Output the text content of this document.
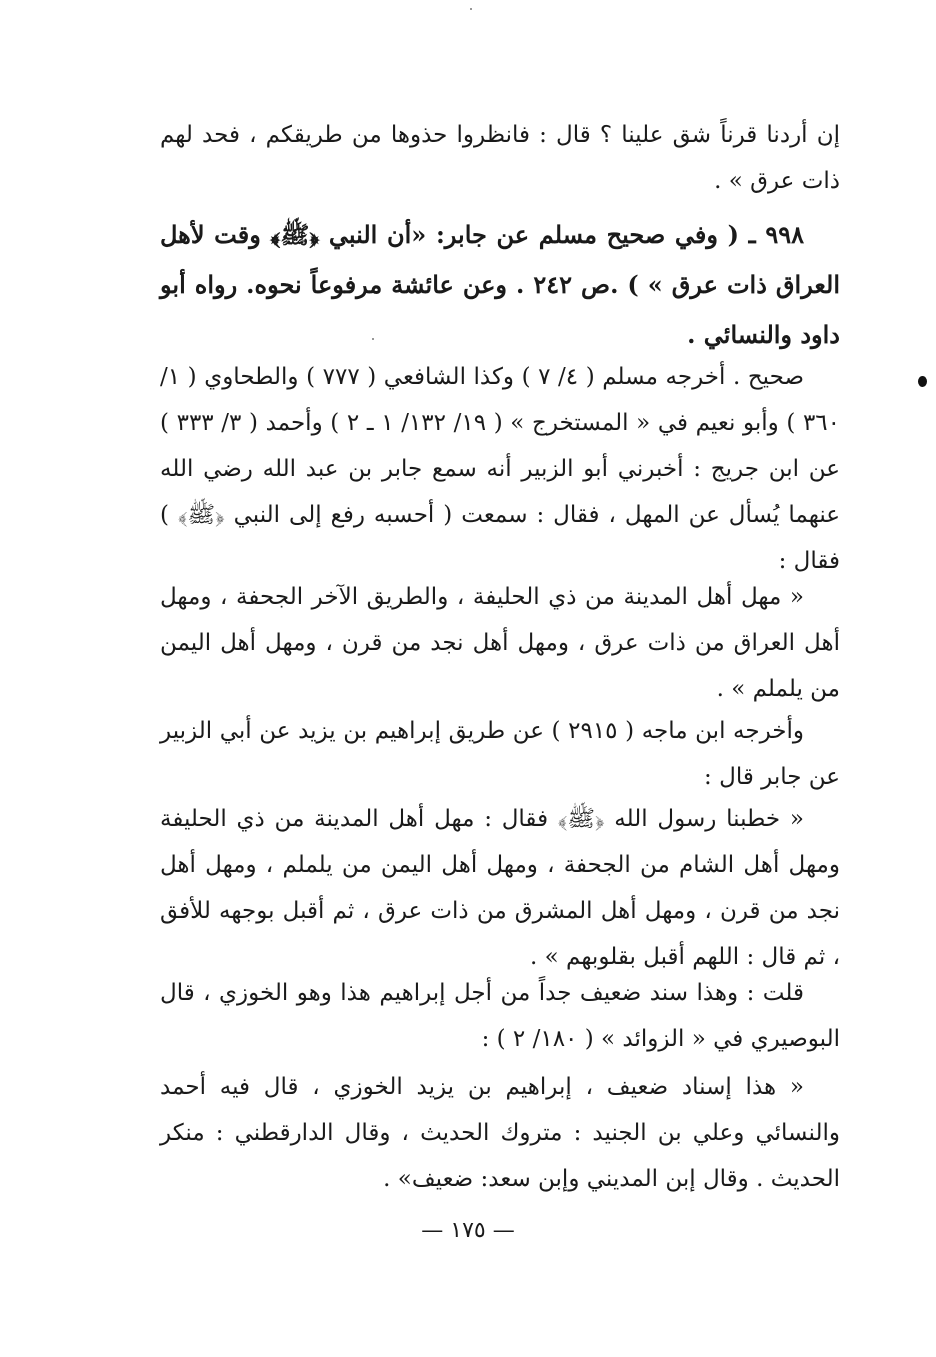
إن أردنا قرناً شق علينا ؟ قال : فانظروا حذوها من طريقكم ، فحد لهم ذات عرق » .

٩٩٨ ـ ( وفي صحيح مسلم عن جابر: «أن النبي ﴿ﷺ﴾ وقت لأهل العراق ذات عرق » ) .ص ٢٤٢ . وعن عائشة مرفوعاً نحوه. رواه أبو داود والنسائي .

صحيح . أخرجه مسلم ( ٤/ ٧ ) وكذا الشافعي ( ٧٧٧ ) والطحاوي ( ١/ ٣٦٠ ) وأبو نعيم في « المستخرج » ( ١٩/ ١٣٢/ ١ ـ ٢ ) وأحمد ( ٣/ ٣٣٣ ) عن ابن جريج : أخبرني أبو الزبير أنه سمع جابر بن عبد الله رضي الله عنهما يُسأل عن المهل ، فقال : سمعت ( أحسبه رفع إلى النبي ﴿ﷺ﴾ ) فقال :

« مهل أهل المدينة من ذي الحليفة ، والطريق الآخر الجحفة ، ومهل أهل العراق من ذات عرق ، ومهل أهل نجد من قرن ، ومهل أهل اليمن من يلملم » .

وأخرجه ابن ماجه ( ٢٩١٥ ) عن طريق إبراهيم بن يزيد عن أبي الزبير عن جابر قال :

« خطبنا رسول الله ﴿ﷺ﴾ فقال : مهل أهل المدينة من ذي الحليفة ومهل أهل الشام من الجحفة ، ومهل أهل اليمن من يلملم ، ومهل أهل نجد من قرن ، ومهل أهل المشرق من ذات عرق ، ثم أقبل بوجهه للأفق ، ثم قال : اللهم أقبل بقلوبهم » .

قلت : وهذا سند ضعيف جداً من أجل إبراهيم هذا وهو الخوزي ، قال البوصيري في « الزوائد » ( ١٨٠/ ٢ ) :

« هذا إسناد ضعيف ، إبراهيم بن يزيد الخوزي ، قال فيه أحمد والنسائي وعلي بن الجنيد : متروك الحديث ، وقال الدارقطني : منكر الحديث . وقال إبن المديني وإبن سعد: ضعيف» .

— ١٧٥ —
